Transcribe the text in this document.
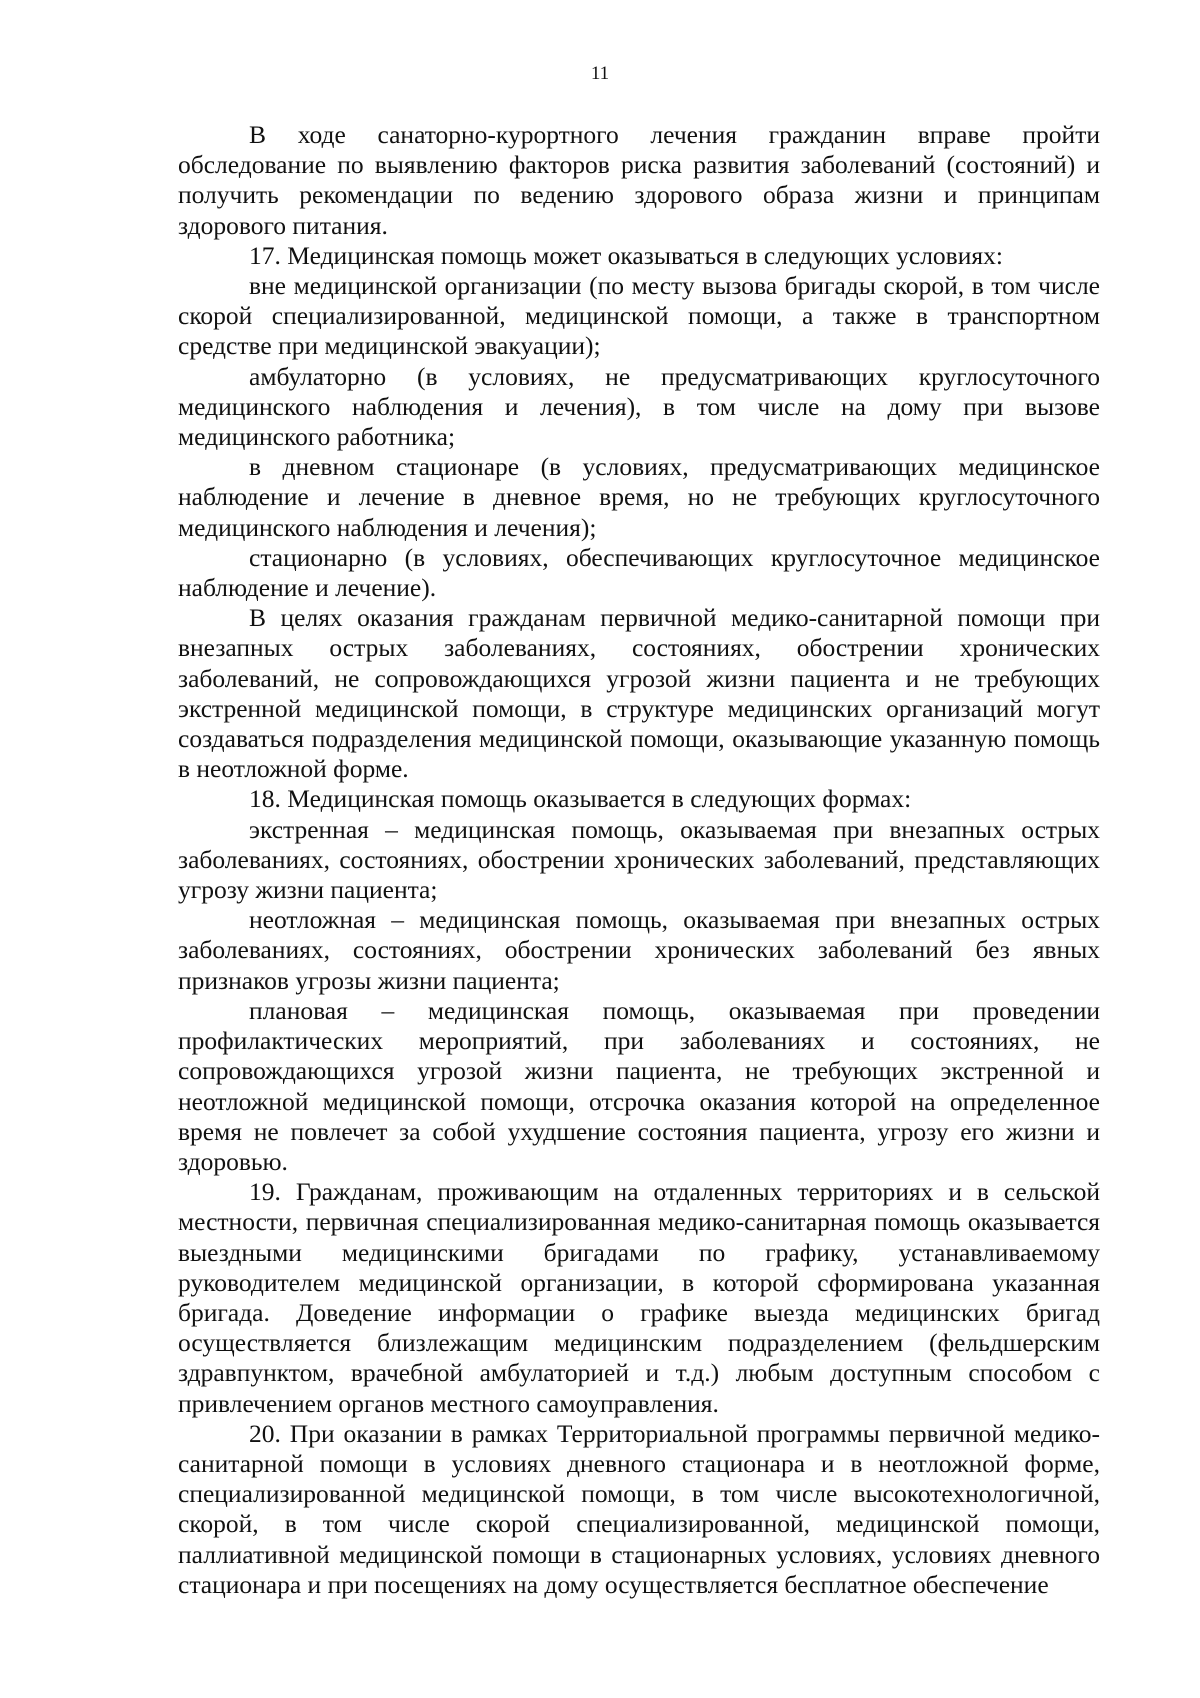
11

В ходе санаторно-курортного лечения гражданин вправе пройти обследование по выявлению факторов риска развития заболеваний (состояний) и получить рекомендации по ведению здорового образа жизни и принципам здорового питания.

17. Медицинская помощь может оказываться в следующих условиях:

вне медицинской организации (по месту вызова бригады скорой, в том числе скорой специализированной, медицинской помощи, а также в транспортном средстве при медицинской эвакуации);

амбулаторно (в условиях, не предусматривающих круглосуточного медицинского наблюдения и лечения), в том числе на дому при вызове медицинского работника;

в дневном стационаре (в условиях, предусматривающих медицинское наблюдение и лечение в дневное время, но не требующих круглосуточного медицинского наблюдения и лечения);

стационарно (в условиях, обеспечивающих круглосуточное медицинское наблюдение и лечение).

В целях оказания гражданам первичной медико-санитарной помощи при внезапных острых заболеваниях, состояниях, обострении хронических заболеваний, не сопровождающихся угрозой жизни пациента и не требующих экстренной медицинской помощи, в структуре медицинских организаций могут создаваться подразделения медицинской помощи, оказывающие указанную помощь в неотложной форме.

18. Медицинская помощь оказывается в следующих формах:

экстренная – медицинская помощь, оказываемая при внезапных острых заболеваниях, состояниях, обострении хронических заболеваний, представляющих угрозу жизни пациента;

неотложная – медицинская помощь, оказываемая при внезапных острых заболеваниях, состояниях, обострении хронических заболеваний без явных признаков угрозы жизни пациента;

плановая – медицинская помощь, оказываемая при проведении профилактических мероприятий, при заболеваниях и состояниях, не сопровождающихся угрозой жизни пациента, не требующих экстренной и неотложной медицинской помощи, отсрочка оказания которой на определенное время не повлечет за собой ухудшение состояния пациента, угрозу его жизни и здоровью.

19. Гражданам, проживающим на отдаленных территориях и в сельской местности, первичная специализированная медико-санитарная помощь оказывается выездными медицинскими бригадами по графику, устанавливаемому руководителем медицинской организации, в которой сформирована указанная бригада. Доведение информации о графике выезда медицинских бригад осуществляется близлежащим медицинским подразделением (фельдшерским здравпунктом, врачебной амбулаторией и т.д.) любым доступным способом с привлечением органов местного самоуправления.

20. При оказании в рамках Территориальной программы первичной медико-санитарной помощи в условиях дневного стационара и в неотложной форме, специализированной медицинской помощи, в том числе высокотехнологичной, скорой, в том числе скорой специализированной, медицинской помощи, паллиативной медицинской помощи в стационарных условиях, условиях дневного стационара и при посещениях на дому осуществляется бесплатное обеспечение
